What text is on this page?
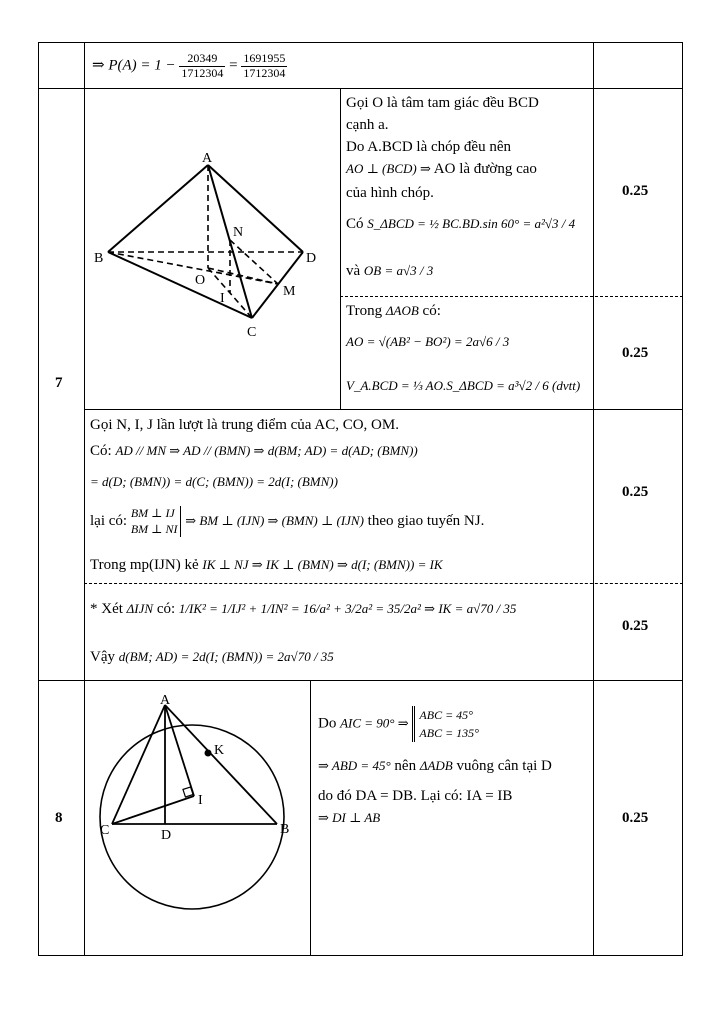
⇒ $P(A) = 1 - \frac{20349}{1712304} = \frac{1691955}{1712304}$
7
A
B	D
C
N
O
I	M
Gọi O là tâm tam giác đều BCD
cạnh a.
Do A.BCD là chóp đều nên
AO ⊥ (BCD) ⇒ AO là đường cao
của hình chóp.
Có S_ΔBCD = ½ BC.BD.sin 60° = a²√3 / 4
và OB = a√3 / 3
0.25
Trong ΔAOB có:
AO = √(AB² − BO²) = 2a√6 / 3
V_A.BCD = ⅓ AO.S_ΔBCD = a³√2 / 6 (dvtt)
0.25
Gọi N, I, J lần lượt là trung điểm của AC, CO, OM.
Có: AD // MN ⇒ AD // (BMN) ⇒ d(BM; AD) = d(AD; (BMN))
= d(D; (BMN)) = d(C; (BMN)) = 2d(I; (BMN))
lại có:
BM ⊥ IJ
BM ⊥ NI
⇒ BM ⊥ (IJN) ⇒ (BMN) ⊥ (IJN) theo giao tuyến NJ.
Trong mp(IJN) kẻ IK ⊥ NJ ⇒ IK ⊥ (BMN) ⇒ d(I; (BMN)) = IK
0.25
* Xét ΔIJN có: 1/IK² = 1/IJ² + 1/IN² = 16/a² + 3/2a² = 35/2a² ⇒ IK = a√70 / 35
Vậy d(BM; AD) = 2d(I; (BMN)) = 2a√70 / 35
0.25
8
A
K
I
C	D	B
Do AIC = 90° ⇒
ABC = 45°
ABC = 135°
⇒ ABD = 45° nên ΔADB vuông cân tại D
do đó DA = DB. Lại có: IA = IB
⇒ DI ⊥ AB	0.25
